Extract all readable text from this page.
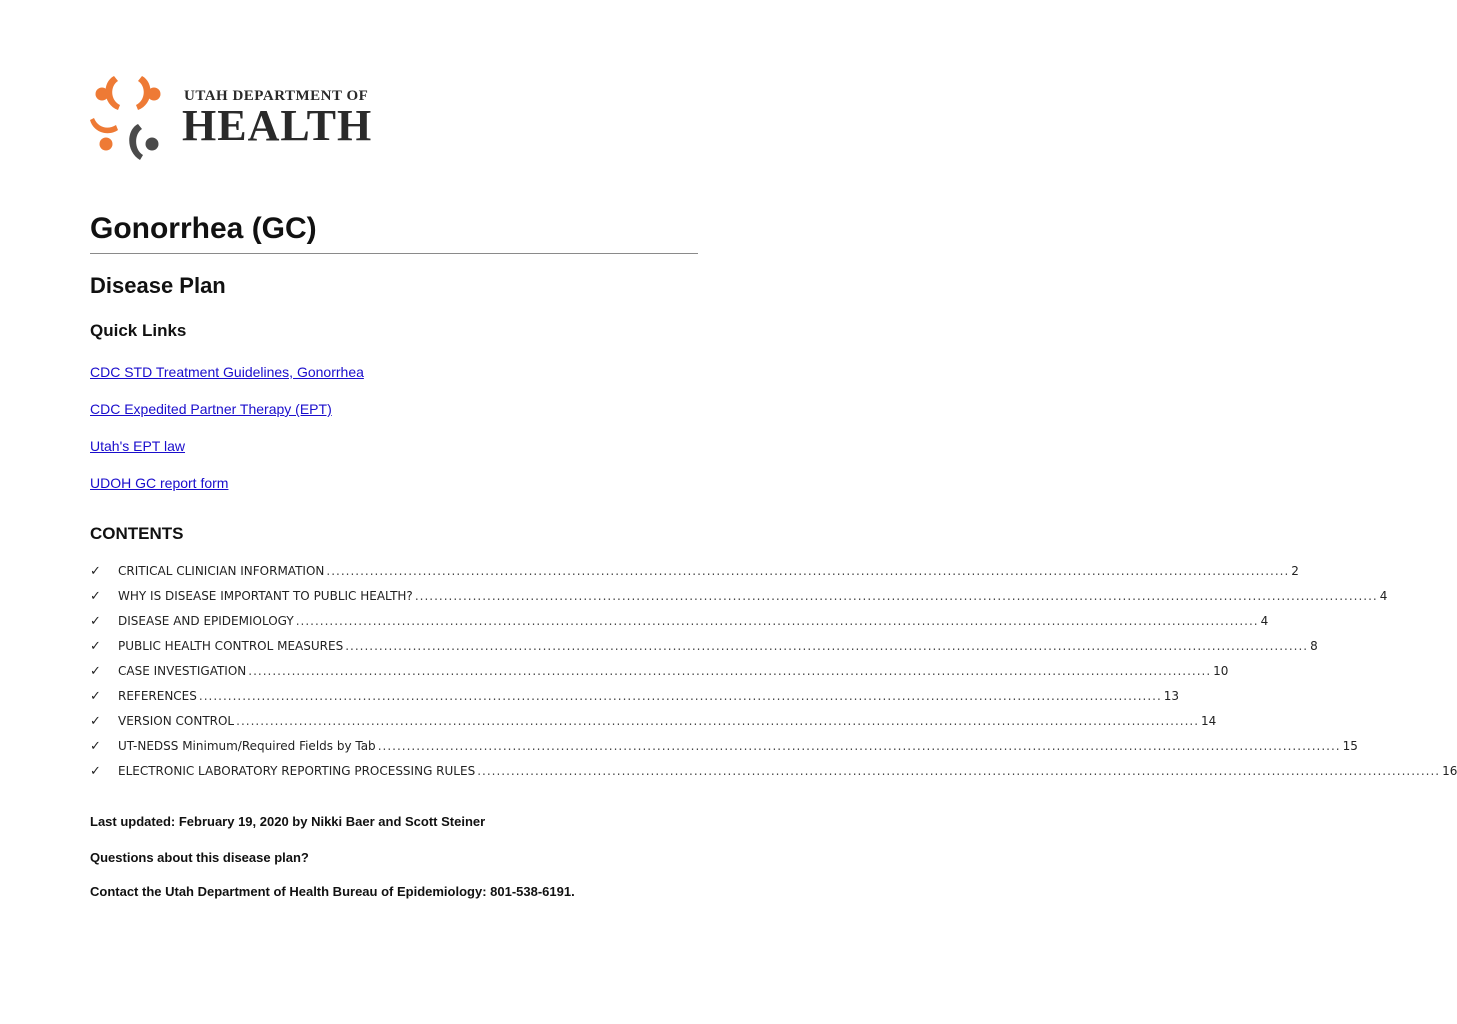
UTAH DEPARTMENT OF
HEALTH
Gonorrhea (GC)
Disease Plan
Quick Links
CDC STD Treatment Guidelines, Gonorrhea
CDC Expedited Partner Therapy (EPT)
Utah's EPT law
UDOH GC report form
CONTENTS
✓	CRITICAL CLINICIAN INFORMATION ........................................................................................................................................................................................................ 2
✓	WHY IS DISEASE IMPORTANT TO PUBLIC HEALTH? ........................................................................................................................................................................................................ 4
✓	DISEASE AND EPIDEMIOLOGY ........................................................................................................................................................................................................ 4
✓	PUBLIC HEALTH CONTROL MEASURES ........................................................................................................................................................................................................ 8
✓	CASE INVESTIGATION ........................................................................................................................................................................................................ 10
✓	REFERENCES ........................................................................................................................................................................................................ 13
✓	VERSION CONTROL ........................................................................................................................................................................................................ 14
✓	UT-NEDSS Minimum/Required Fields by Tab ........................................................................................................................................................................................................ 15
✓	ELECTRONIC LABORATORY REPORTING PROCESSING RULES ........................................................................................................................................................................................................ 16

Last updated: February 19, 2020 by Nikki Baer and Scott Steiner

Questions about this disease plan?

Contact the Utah Department of Health Bureau of Epidemiology: 801-538-6191.
